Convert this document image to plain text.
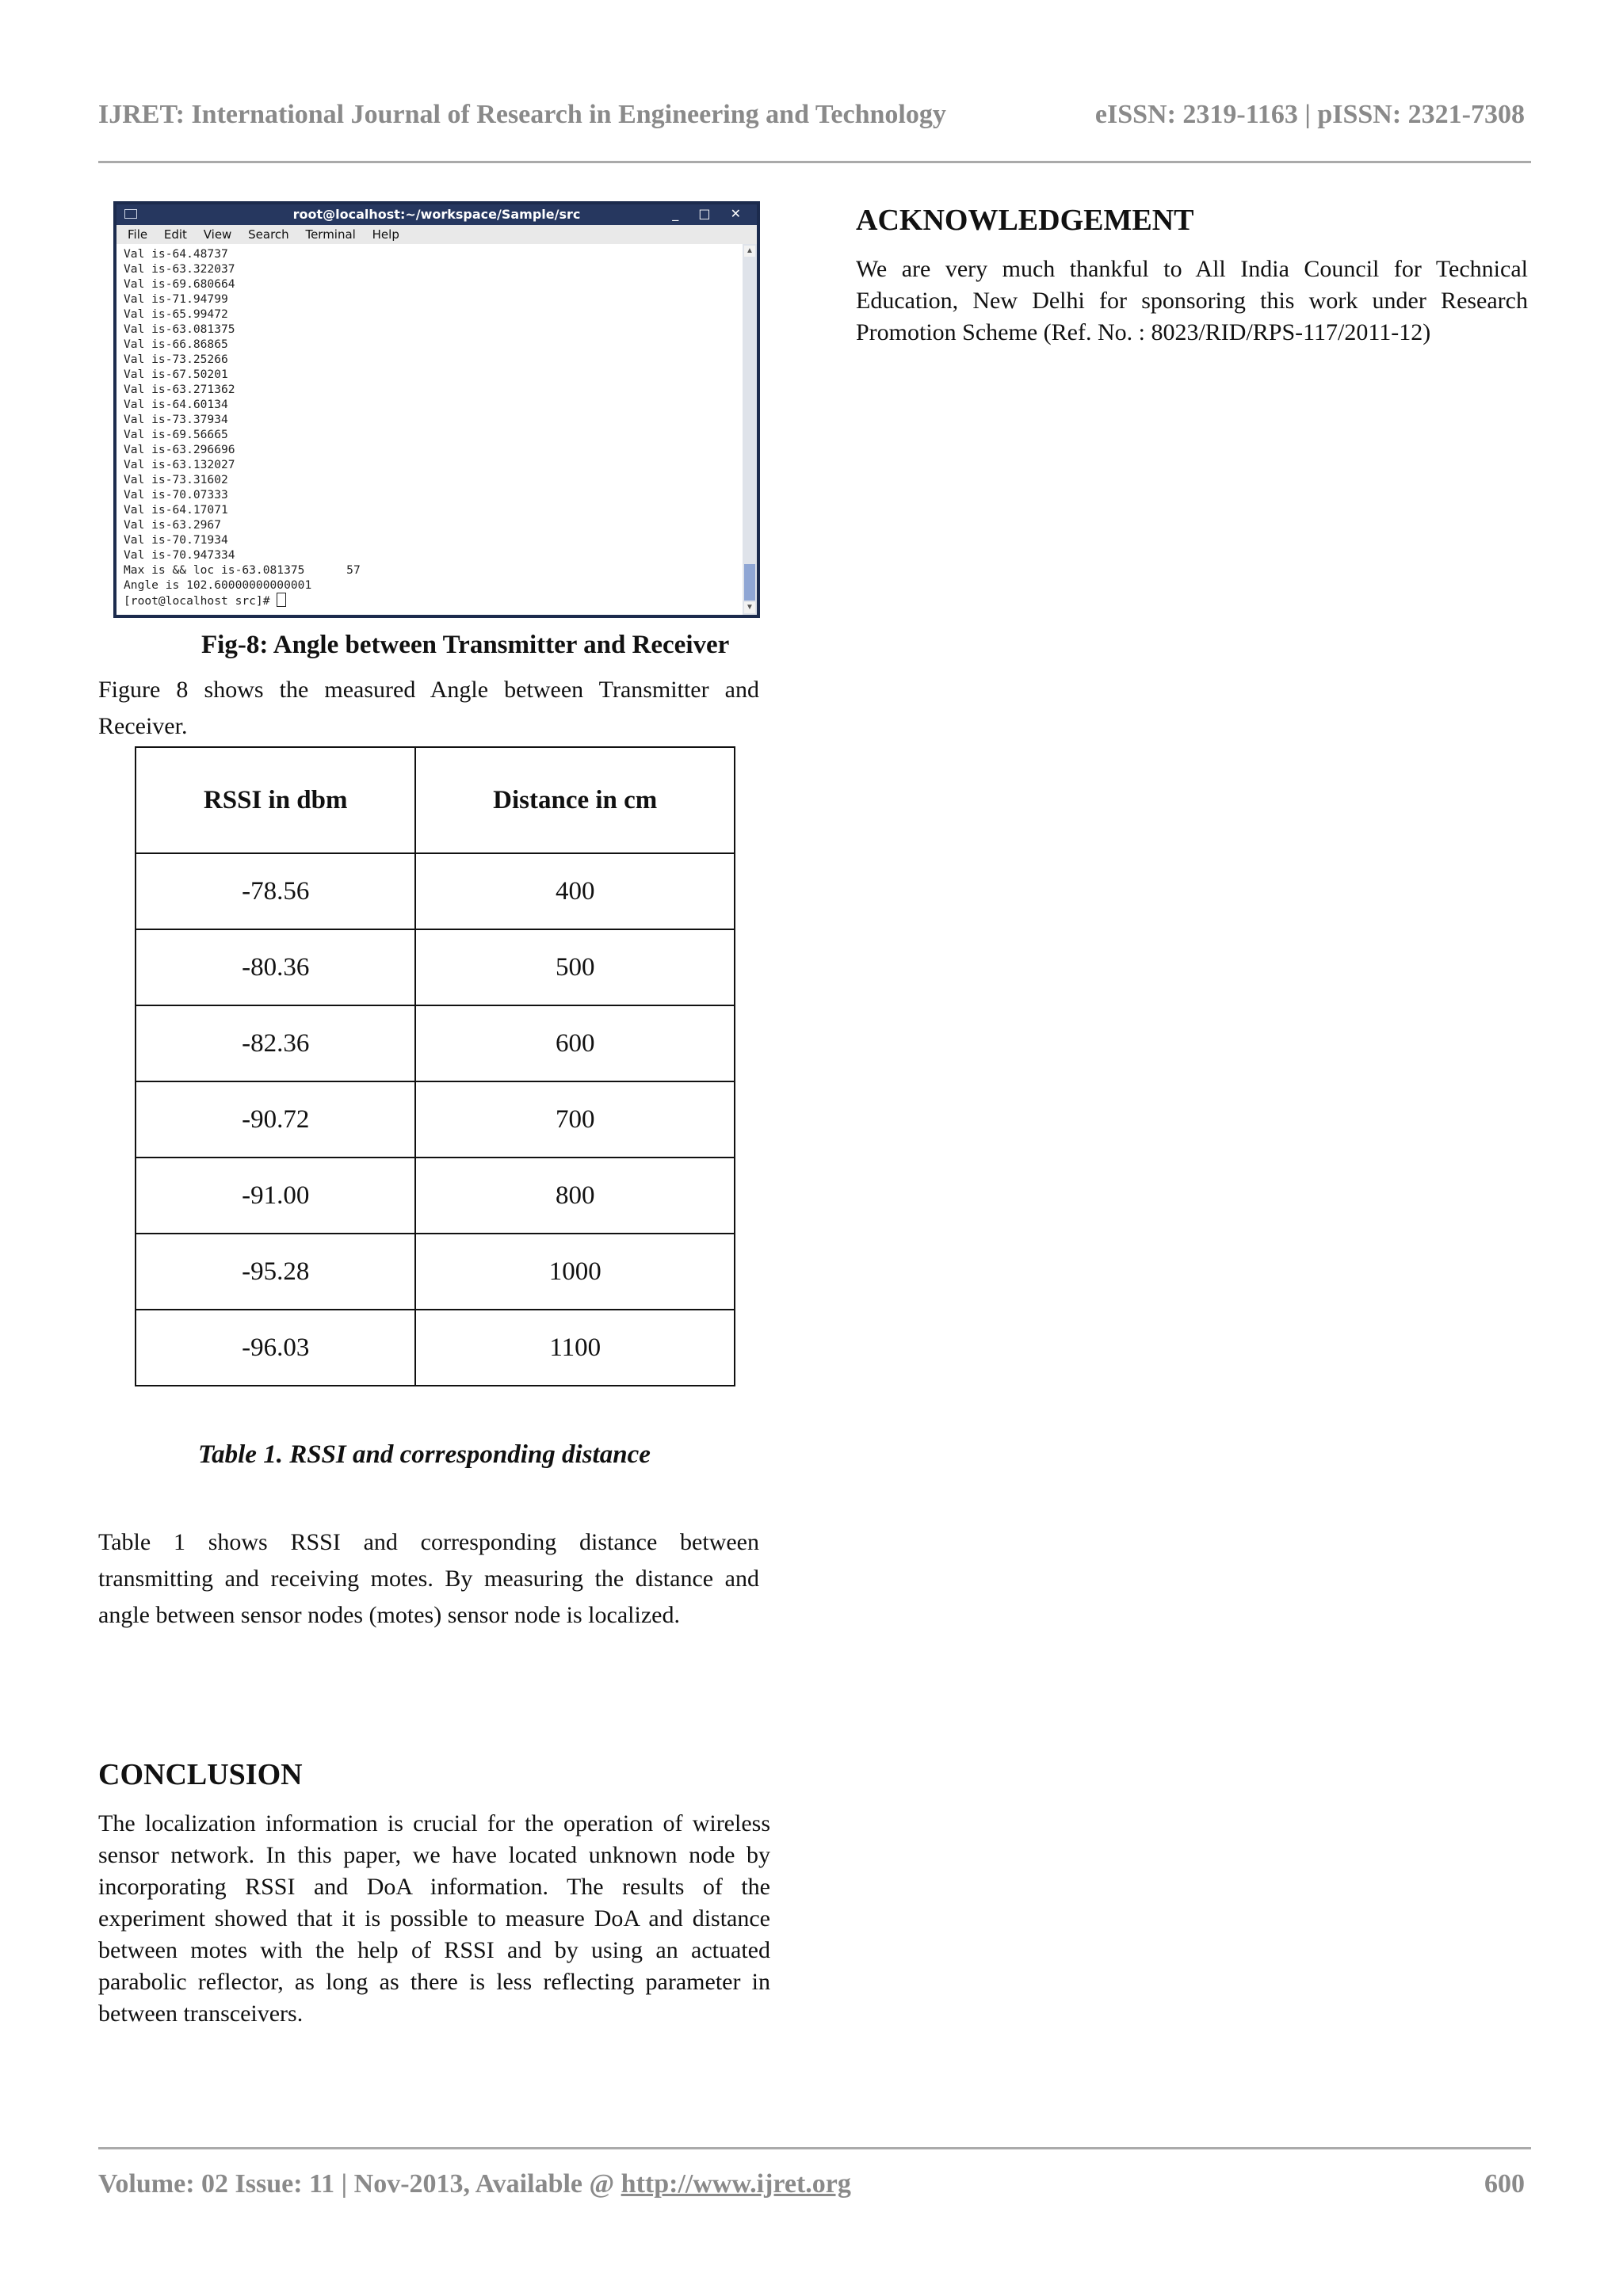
IJRET: International Journal of Research in Engineering and Technology	eISSN: 2319-1163 | pISSN: 2321-7308
root@localhost:~/workspace/Sample/src	_ □ ✕
File Edit View Search Terminal Help
Val is-64.48737
Val is-63.322037
Val is-69.680664
Val is-71.94799
Val is-65.99472
Val is-63.081375
Val is-66.86865
Val is-73.25266
Val is-67.50201
Val is-63.271362
Val is-64.60134
Val is-73.37934
Val is-69.56665
Val is-63.296696
Val is-63.132027
Val is-73.31602
Val is-70.07333
Val is-64.17071
Val is-63.2967
Val is-70.71934
Val is-70.947334
Max is && loc is-63.081375      57
Angle is 102.60000000000001
[root@localhost src]#
▲
▼
Fig-8: Angle between Transmitter and Receiver
Figure 8 shows the measured Angle between Transmitter and Receiver.
RSSI in dbm	Distance in cm
-78.56	400
-80.36	500
-82.36	600
-90.72	700
-91.00	800
-95.28	1000
-96.03	1100
Table 1. RSSI and corresponding distance
Table 1 shows RSSI and corresponding distance between transmitting and receiving motes. By measuring the distance and angle between sensor nodes (motes) sensor node is localized.
CONCLUSION
The localization information is crucial for the operation of wireless sensor network. In this paper, we have located unknown node by incorporating RSSI and DoA information. The results of the experiment showed that it is possible to measure DoA and distance between motes with the help of RSSI and by using an actuated parabolic reflector, as long as there is less reflecting parameter in between transceivers.
ACKNOWLEDGEMENT
We are very much thankful to All India Council for Technical Education, New Delhi for sponsoring this work under Research Promotion Scheme (Ref. No. : 8023/RID/RPS-117/2011-12)
Volume: 02 Issue: 11 | Nov-2013, Available @ http://www.ijret.org	600
